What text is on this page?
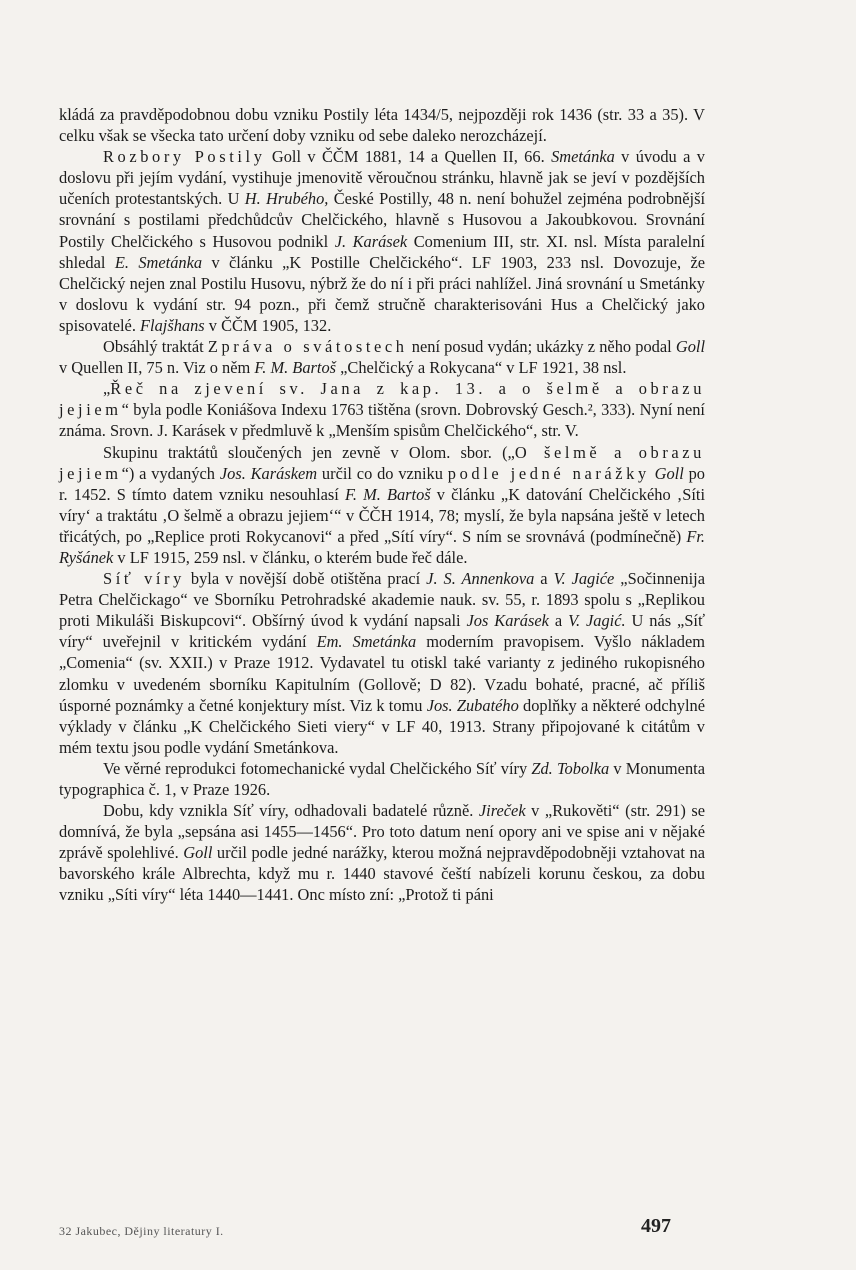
kládá za pravděpodobnou dobu vzniku Postily léta 1434/5, nejpozději rok 1436 (str. 33 a 35). V celku však se všecka tato určení doby vzniku od sebe daleko nerozcházejí.

Rozbory Postily Goll v ČČM 1881, 14 a Quellen II, 66. Smetánka v úvodu a v doslovu při jejím vydání, vystihuje jmenovitě věroučnou stránku, hlavně jak se jeví v pozdějších učeních protestantských. U H. Hrubého, České Postilly, 48 n. není bohužel zejména podrobnější srovnání s postilami předchůdcův Chelčického, hlavně s Husovou a Jakoubkovou. Srovnání Postily Chelčického s Husovou podnikl J. Karásek Comenium III, str. XI. nsl. Místa paralelní shledal E. Smetánka v článku „K Postille Chelčického“. LF 1903, 233 nsl. Dovozuje, že Chelčický nejen znal Postilu Husovu, nýbrž že do ní i při práci nahlížel. Jiná srovnání u Smetánky v doslovu k vydání str. 94 pozn., při čemž stručně charakterisováni Hus a Chelčický jako spisovatelé. Flajšhans v ČČM 1905, 132.

Obsáhlý traktát Zpráva o svátostech není posud vydán; ukázky z něho podal Goll v Quellen II, 75 n. Viz o něm F. M. Bartoš „Chelčický a Rokycana“ v LF 1921, 38 nsl.

„Řeč na zjevení sv. Jana z kap. 13. a o šelmě a obrazu jejiem“ byla podle Koniášova Indexu 1763 tištěna (srovn. Dobrovský Gesch.², 333). Nyní není známa. Srovn. J. Karásek v předmluvě k „Menším spisům Chelčického“, str. V.

Skupinu traktátů sloučených jen zevně v Olom. sbor. („O šelmě a obrazu jejiem“) a vydaných Jos. Karáskem určil co do vzniku podle jedné narážky Goll po r. 1452. S tímto datem vzniku nesouhlasí F. M. Bartoš v článku „K datování Chelčického ‚Síti víry‘ a traktátu ‚O šelmě a obrazu jejiem‘“ v ČČH 1914, 78; myslí, že byla napsána ještě v letech třicátých, po „Replice proti Rokycanovi“ a před „Sítí víry“. S ním se srovnává (podmínečně) Fr. Ryšánek v LF 1915, 259 nsl. v článku, o kterém bude řeč dále.

Síť víry byla v novější době otištěna prací J. S. Annenkova a V. Jagiće „Sočinnenija Petra Chelčickago“ ve Sborníku Petrohradské akademie nauk. sv. 55, r. 1893 spolu s „Replikou proti Mikuláši Biskupcovi“. Obšírný úvod k vydání napsali Jos Karásek a V. Jagić. U nás „Síť víry“ uveřejnil v kritickém vydání Em. Smetánka moderním pravopisem. Vyšlo nákladem „Comenia“ (sv. XXII.) v Praze 1912. Vydavatel tu otiskl také varianty z jediného rukopisného zlomku v uvedeném sborníku Kapitulním (Gollově; D 82). Vzadu bohaté, pracné, ač příliš úsporné poznámky a četné konjektury míst. Viz k tomu Jos. Zubatého doplňky a některé odchylné výklady v článku „K Chelčického Sieti viery“ v LF 40, 1913. Strany připojované k citátům v mém textu jsou podle vydání Smetánkova.

Ve věrné reprodukci fotomechanické vydal Chelčického Síť víry Zd. Tobolka v Monumenta typographica č. 1, v Praze 1926.

Dobu, kdy vznikla Síť víry, odhadovali badatelé různě. Jireček v „Rukověti“ (str. 291) se domnívá, že byla „sepsána asi 1455—1456“. Pro toto datum není opory ani ve spise ani v nějaké zprávě spolehlivé. Goll určil podle jedné narážky, kterou možná nejpravděpodobněji vztahovat na bavorského krále Albrechta, když mu r. 1440 stavové čeští nabízeli korunu českou, za dobu vzniku „Síti víry“ léta 1440—1441. Onc místo zní: „Protož ti páni

32 Jakubec, Dějiny literatury I.	497
